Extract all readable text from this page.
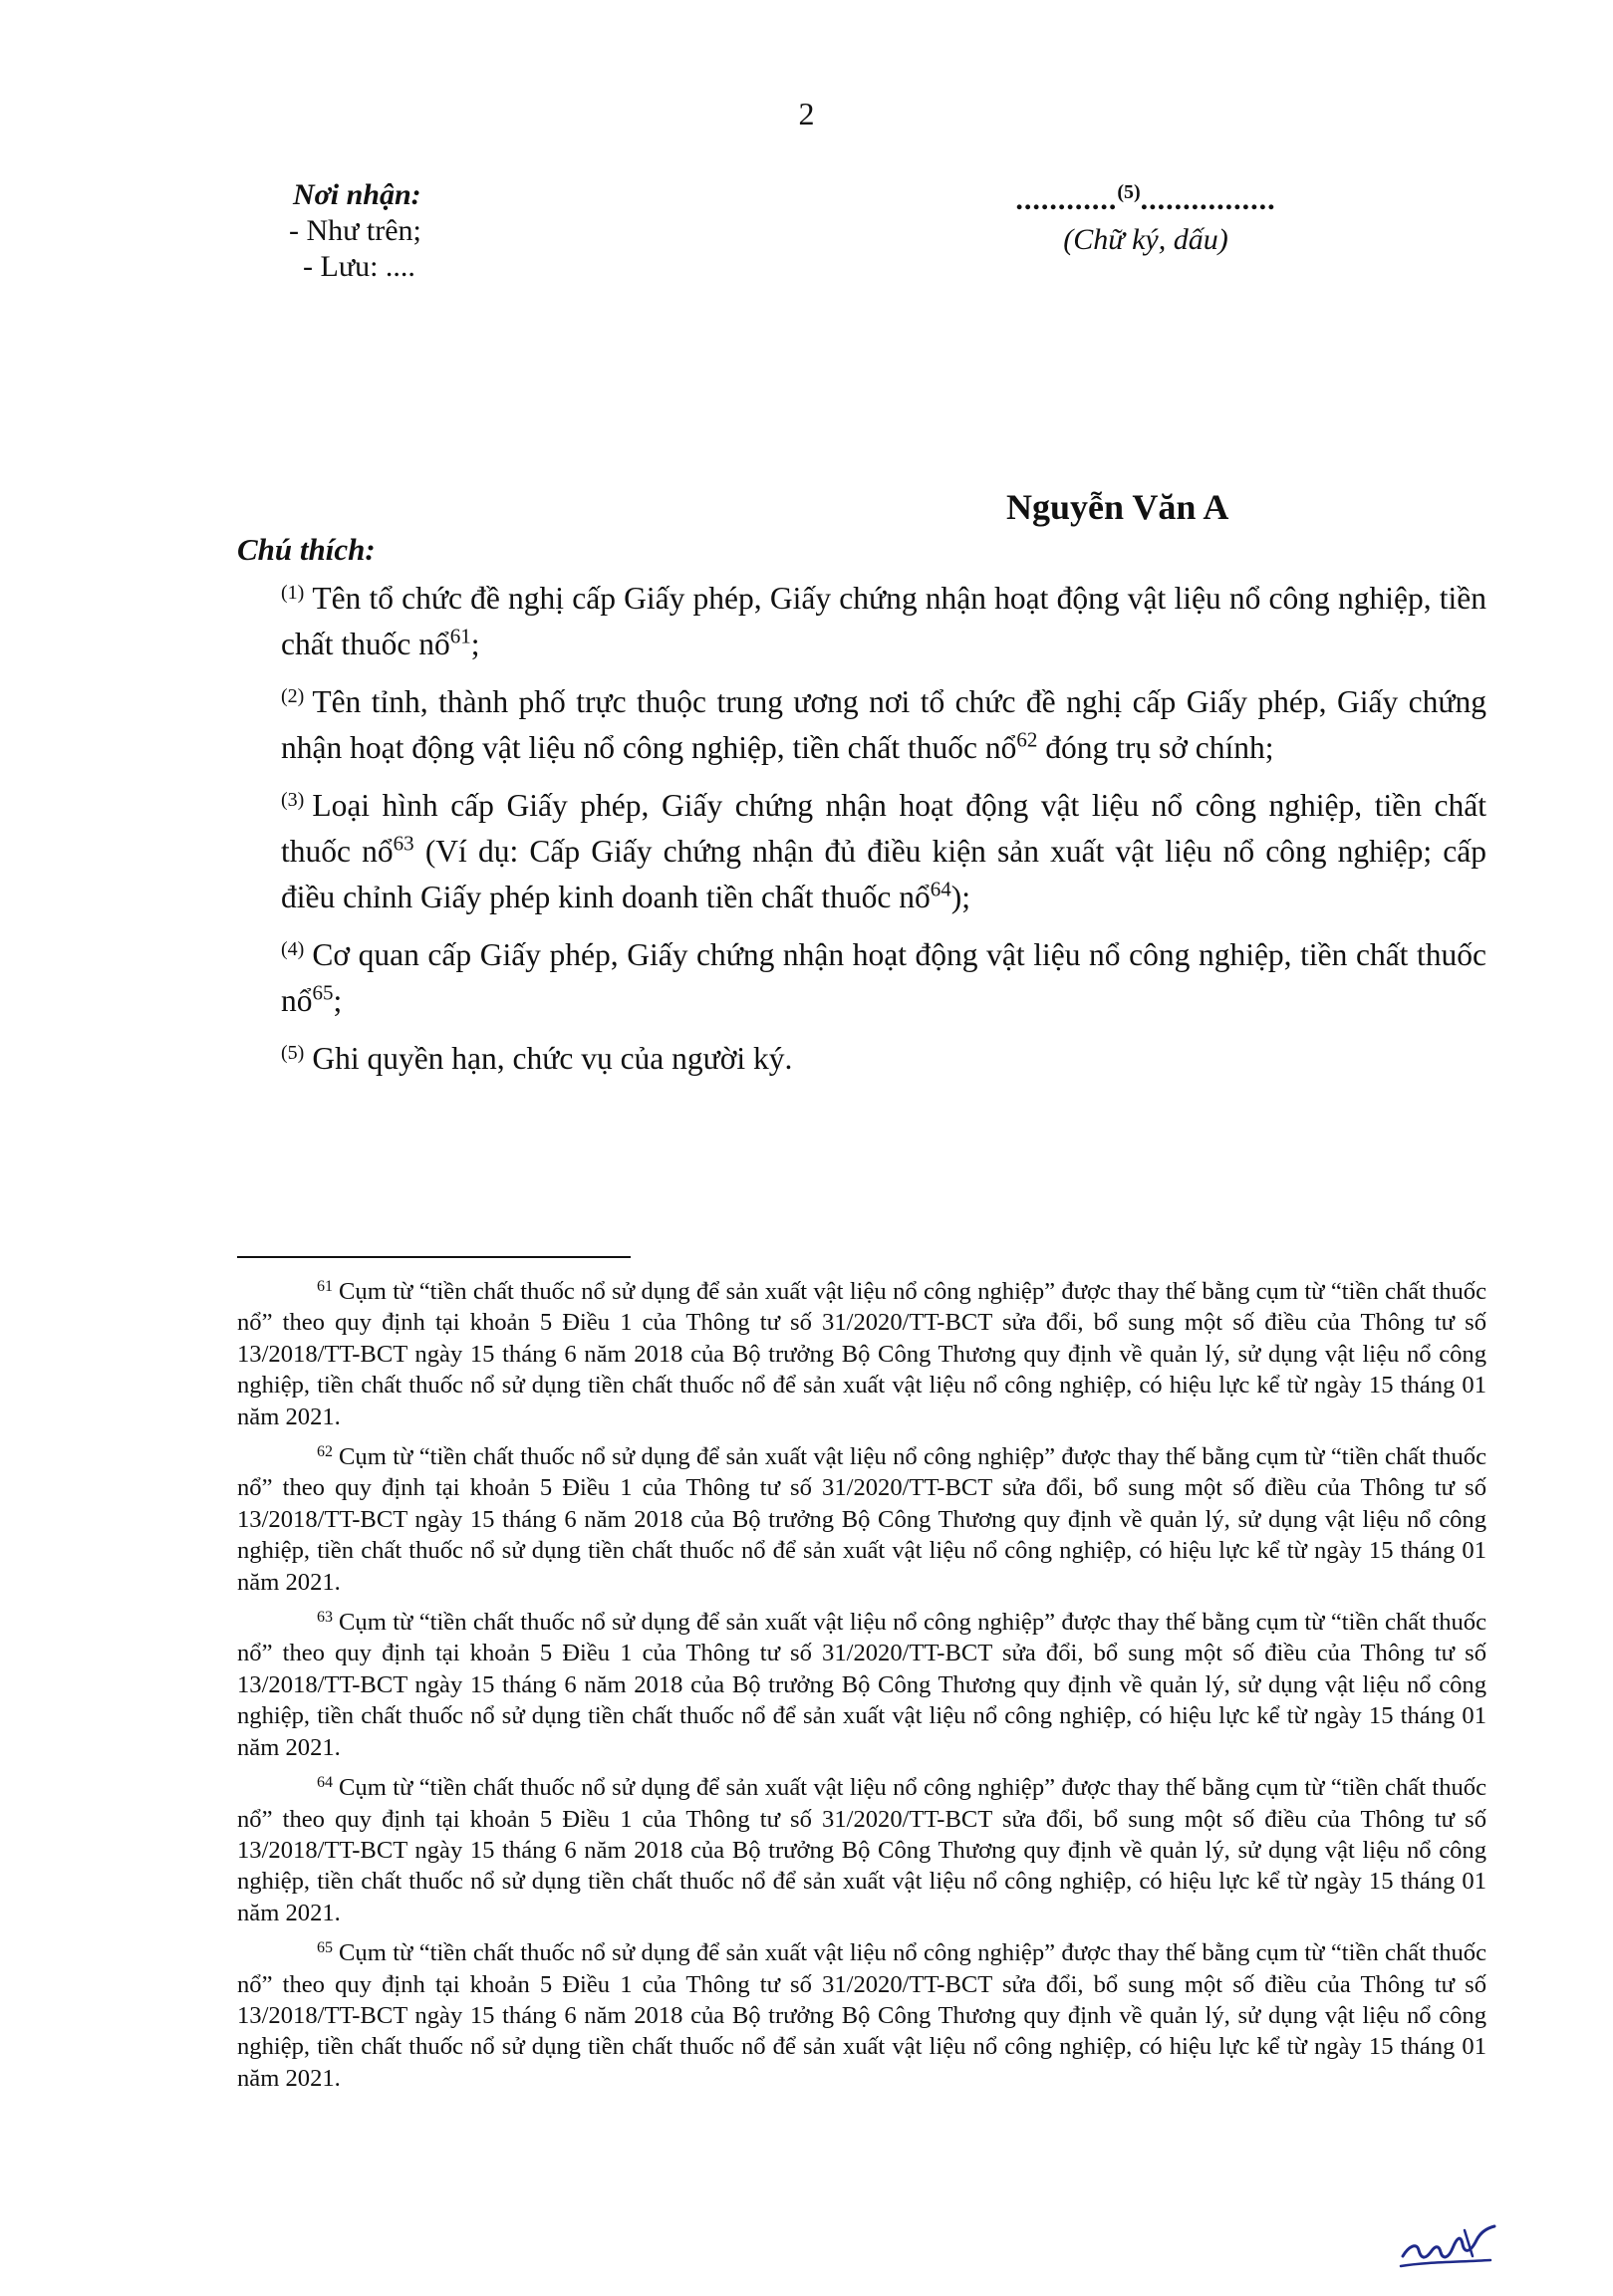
2
Nơi nhận:
- Như trên;
- Lưu: ....
............$^{(5)}$................
(Chữ ký, dấu)
Nguyễn Văn A
Chú thích:

$^{(1)}$ Tên tổ chức đề nghị cấp Giấy phép, Giấy chứng nhận hoạt động vật liệu nổ công nghiệp, tiền chất thuốc nổ$^{61}$;

$^{(2)}$ Tên tỉnh, thành phố trực thuộc trung ương nơi tổ chức đề nghị cấp Giấy phép, Giấy chứng nhận hoạt động vật liệu nổ công nghiệp, tiền chất thuốc nổ$^{62}$ đóng trụ sở chính;

$^{(3)}$ Loại hình cấp Giấy phép, Giấy chứng nhận hoạt động vật liệu nổ công nghiệp, tiền chất thuốc nổ$^{63}$ (Ví dụ: Cấp Giấy chứng nhận đủ điều kiện sản xuất vật liệu nổ công nghiệp; cấp điều chỉnh Giấy phép kinh doanh tiền chất thuốc nổ$^{64}$);

$^{(4)}$ Cơ quan cấp Giấy phép, Giấy chứng nhận hoạt động vật liệu nổ công nghiệp, tiền chất thuốc nổ$^{65}$;

$^{(5)}$ Ghi quyền hạn, chức vụ của người ký.

$^{61}$ Cụm từ “tiền chất thuốc nổ sử dụng để sản xuất vật liệu nổ công nghiệp” được thay thế bằng cụm từ “tiền chất thuốc nổ” theo quy định tại khoản 5 Điều 1 của Thông tư số 31/2020/TT-BCT sửa đổi, bổ sung một số điều của Thông tư số 13/2018/TT-BCT ngày 15 tháng 6 năm 2018 của Bộ trưởng Bộ Công Thương quy định về quản lý, sử dụng vật liệu nổ công nghiệp, tiền chất thuốc nổ sử dụng tiền chất thuốc nổ để sản xuất vật liệu nổ công nghiệp, có hiệu lực kể từ ngày 15 tháng 01 năm 2021.

$^{62}$ Cụm từ “tiền chất thuốc nổ sử dụng để sản xuất vật liệu nổ công nghiệp” được thay thế bằng cụm từ “tiền chất thuốc nổ” theo quy định tại khoản 5 Điều 1 của Thông tư số 31/2020/TT-BCT sửa đổi, bổ sung một số điều của Thông tư số 13/2018/TT-BCT ngày 15 tháng 6 năm 2018 của Bộ trưởng Bộ Công Thương quy định về quản lý, sử dụng vật liệu nổ công nghiệp, tiền chất thuốc nổ sử dụng tiền chất thuốc nổ để sản xuất vật liệu nổ công nghiệp, có hiệu lực kể từ ngày 15 tháng 01 năm 2021.

$^{63}$ Cụm từ “tiền chất thuốc nổ sử dụng để sản xuất vật liệu nổ công nghiệp” được thay thế bằng cụm từ “tiền chất thuốc nổ” theo quy định tại khoản 5 Điều 1 của Thông tư số 31/2020/TT-BCT sửa đổi, bổ sung một số điều của Thông tư số 13/2018/TT-BCT ngày 15 tháng 6 năm 2018 của Bộ trưởng Bộ Công Thương quy định về quản lý, sử dụng vật liệu nổ công nghiệp, tiền chất thuốc nổ sử dụng tiền chất thuốc nổ để sản xuất vật liệu nổ công nghiệp, có hiệu lực kể từ ngày 15 tháng 01 năm 2021.

$^{64}$ Cụm từ “tiền chất thuốc nổ sử dụng để sản xuất vật liệu nổ công nghiệp” được thay thế bằng cụm từ “tiền chất thuốc nổ” theo quy định tại khoản 5 Điều 1 của Thông tư số 31/2020/TT-BCT sửa đổi, bổ sung một số điều của Thông tư số 13/2018/TT-BCT ngày 15 tháng 6 năm 2018 của Bộ trưởng Bộ Công Thương quy định về quản lý, sử dụng vật liệu nổ công nghiệp, tiền chất thuốc nổ sử dụng tiền chất thuốc nổ để sản xuất vật liệu nổ công nghiệp, có hiệu lực kể từ ngày 15 tháng 01 năm 2021.

$^{65}$ Cụm từ “tiền chất thuốc nổ sử dụng để sản xuất vật liệu nổ công nghiệp” được thay thế bằng cụm từ “tiền chất thuốc nổ” theo quy định tại khoản 5 Điều 1 của Thông tư số 31/2020/TT-BCT sửa đổi, bổ sung một số điều của Thông tư số 13/2018/TT-BCT ngày 15 tháng 6 năm 2018 của Bộ trưởng Bộ Công Thương quy định về quản lý, sử dụng vật liệu nổ công nghiệp, tiền chất thuốc nổ sử dụng tiền chất thuốc nổ để sản xuất vật liệu nổ công nghiệp, có hiệu lực kể từ ngày 15 tháng 01 năm 2021.
